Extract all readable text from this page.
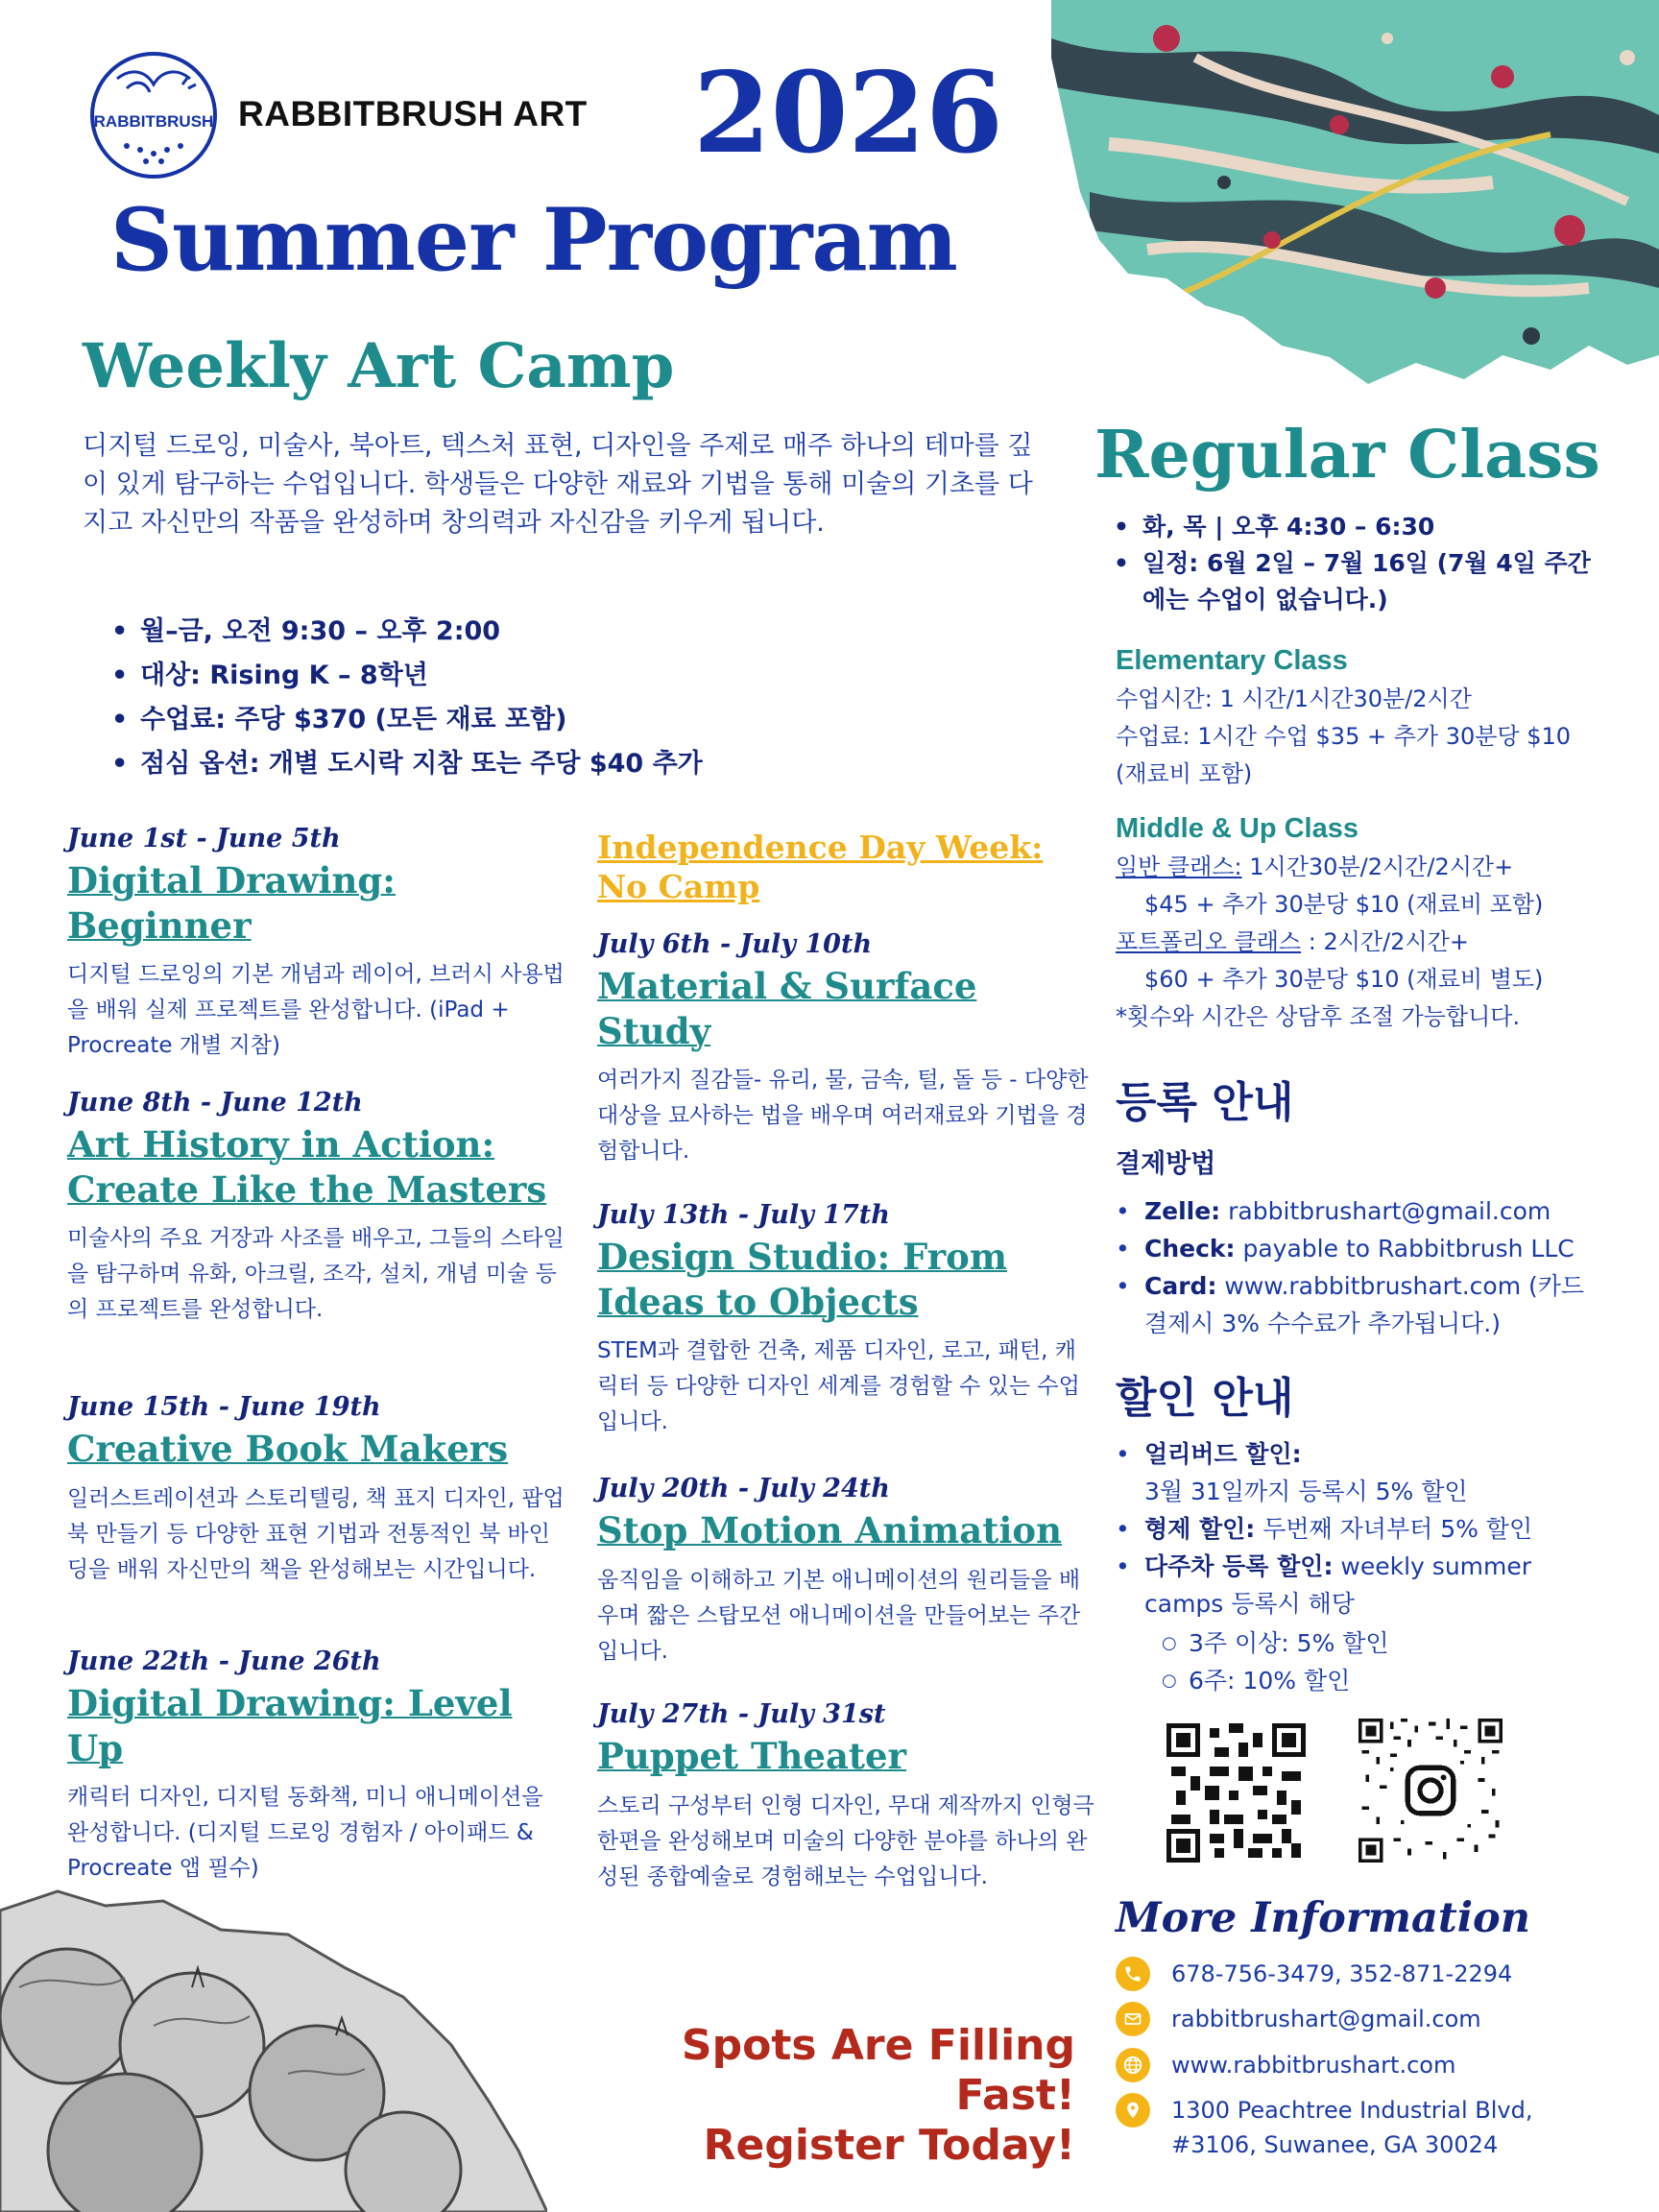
RABBITBRUSH RABBITBRUSH ART 2026
Summer Program
Weekly Art Camp
디지털 드로잉, 미술사, 북아트, 텍스처 표현, 디자인을 주제로 매주 하나의 테마를 깊이 있게 탐구하는 수업입니다. 학생들은 다양한 재료와 기법을 통해 미술의 기초를 다지고 자신만의 작품을 완성하며 창의력과 자신감을 키우게 됩니다.
• 월–금, 오전 9:30 – 오후 2:00
• 대상: Rising K – 8학년
• 수업료: 주당 $370 (모든 재료 포함)
• 점심 옵션: 개별 도시락 지참 또는 주당 $40 추가
June 1st - June 5th
Digital Drawing: Beginner
디지털 드로잉의 기본 개념과 레이어, 브러시 사용법을 배워 실제 프로젝트를 완성합니다. (iPad + Procreate 개별 지참)
June 8th - June 12th
Art History in Action: Create Like the Masters
미술사의 주요 거장과 사조를 배우고, 그들의 스타일을 탐구하며 유화, 아크릴, 조각, 설치, 개념 미술 등의 프로젝트를 완성합니다.
June 15th - June 19th
Creative Book Makers
일러스트레이션과 스토리텔링, 책 표지 디자인, 팝업북 만들기 등 다양한 표현 기법과 전통적인 북 바인딩을 배워 자신만의 책을 완성해보는 시간입니다.
June 22th - June 26th
Digital Drawing: Level Up
캐릭터 디자인, 디지털 동화책, 미니 애니메이션을 완성합니다. (디지털 드로잉 경험자 / 아이패드 & Procreate 앱 필수)
Independence Day Week: No Camp
July 6th - July 10th
Material & Surface Study
여러가지 질감들- 유리, 물, 금속, 털, 돌 등 - 다양한 대상을 묘사하는 법을 배우며 여러재료와 기법을 경험합니다.
July 13th - July 17th
Design Studio: From Ideas to Objects
STEM과 결합한 건축, 제품 디자인, 로고, 패턴, 캐릭터 등 다양한 디자인 세계를 경험할 수 있는 수업입니다.
July 20th - July 24th
Stop Motion Animation
움직임을 이해하고 기본 애니메이션의 원리들을 배우며 짧은 스탑모션 애니메이션을 만들어보는 주간입니다.
July 27th - July 31st
Puppet Theater
스토리 구성부터 인형 디자인, 무대 제작까지 인형극 한편을 완성해보며 미술의 다양한 분야를 하나의 완성된 종합예술로 경험해보는 수업입니다.
Regular Class
• 화, 목 | 오후 4:30 – 6:30
• 일정: 6월 2일 – 7월 16일 (7월 4일 주간에는 수업이 없습니다.)
Elementary Class
수업시간: 1 시간/1시간30분/2시간
수업료: 1시간 수업 $35 + 추가 30분당 $10
(재료비 포함)
Middle & Up Class
일반 클래스: 1시간30분/2시간/2시간+
$45 + 추가 30분당 $10 (재료비 포함)
포트폴리오 클래스 : 2시간/2시간+
$60 + 추가 30분당 $10 (재료비 별도)
*횟수와 시간은 상담후 조절 가능합니다.
등록 안내
결제방법
• Zelle: rabbitbrushart@gmail.com
• Check: payable to Rabbitbrush LLC
• Card: www.rabbitbrushart.com (카드 결제시 3% 수수료가 추가됩니다.)
할인 안내
• 얼리버드 할인:
3월 31일까지 등록시 5% 할인
• 형제 할인: 두번째 자녀부터 5% 할인
• 다주차 등록 할인: weekly summer camps 등록시 해당
○ 3주 이상: 5% 할인
○ 6주: 10% 할인
More Information
678-756-3479, 352-871-2294
rabbitbrushart@gmail.com
www.rabbitbrushart.com
1300 Peachtree Industrial Blvd,
#3106, Suwanee, GA 30024
Spots Are Filling Fast!
Register Today!
